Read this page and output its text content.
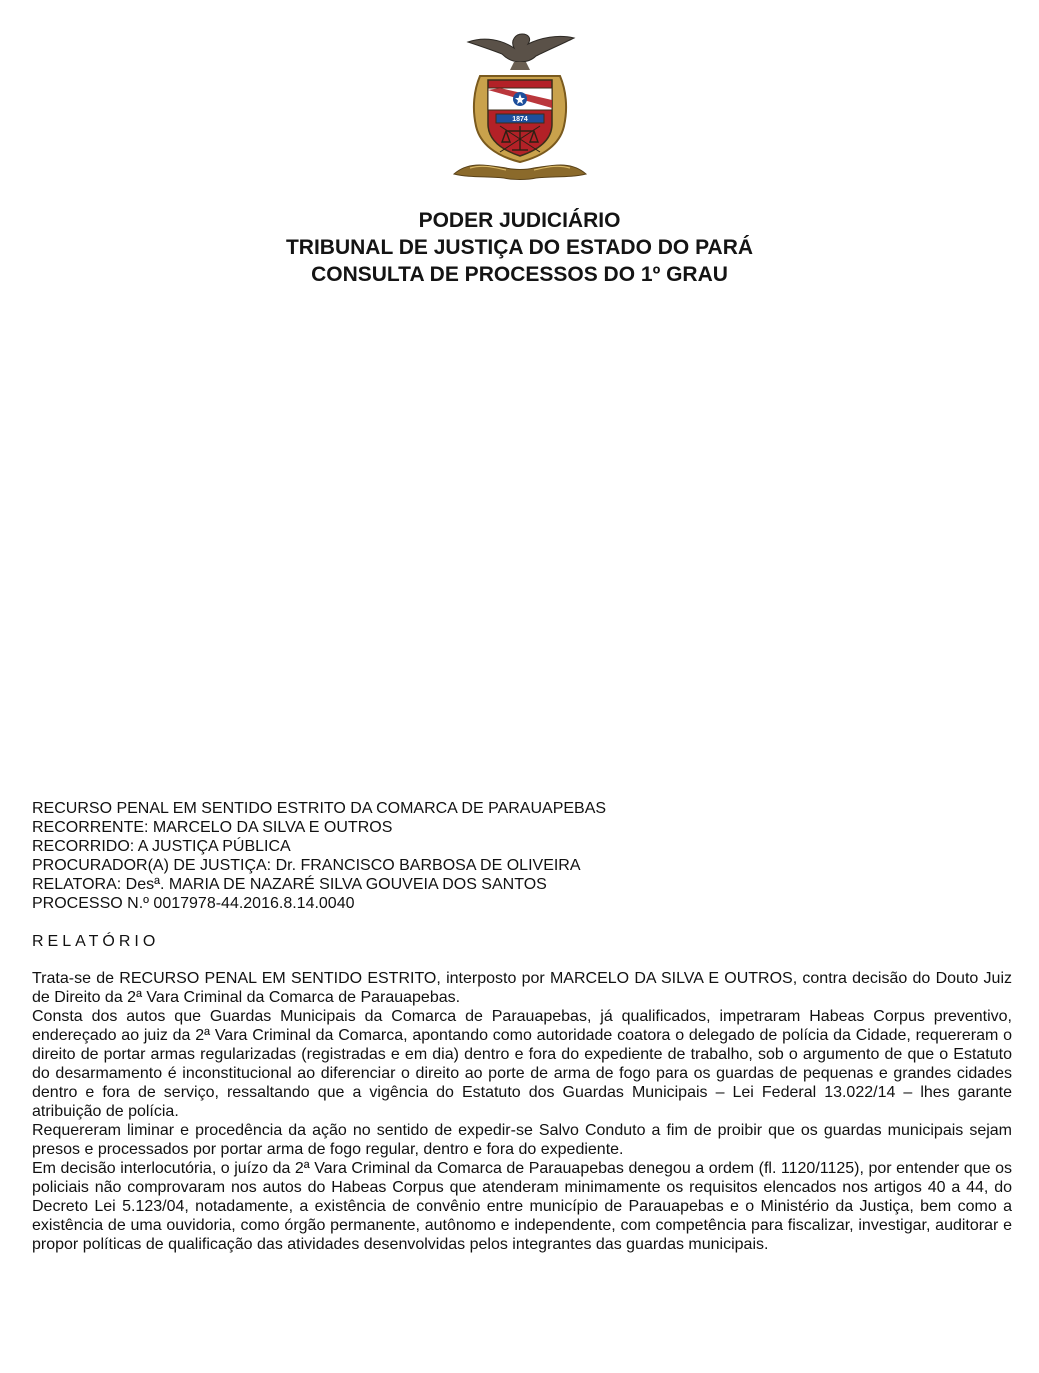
1874
PODER JUDICIÁRIO
TRIBUNAL DE JUSTIÇA DO ESTADO DO PARÁ
CONSULTA DE PROCESSOS DO 1º GRAU
RECURSO PENAL EM SENTIDO ESTRITO DA COMARCA DE PARAUAPEBAS
RECORRENTE: MARCELO DA SILVA E OUTROS
RECORRIDO: A JUSTIÇA PÚBLICA
PROCURADOR(A) DE JUSTIÇA: Dr. FRANCISCO BARBOSA DE OLIVEIRA
RELATORA: Desª. MARIA DE NAZARÉ SILVA GOUVEIA DOS SANTOS
PROCESSO N.º 0017978-44.2016.8.14.0040
RELATÓRIO

Trata-se de RECURSO PENAL EM SENTIDO ESTRITO, interposto por MARCELO DA SILVA E OUTROS, contra decisão do Douto Juiz de Direito da 2ª Vara Criminal da Comarca de Parauapebas.

Consta dos autos que Guardas Municipais da Comarca de Parauapebas, já qualificados, impetraram Habeas Corpus preventivo, endereçado ao juiz da 2ª Vara Criminal da Comarca, apontando como autoridade coatora o delegado de polícia da Cidade, requereram o direito de portar armas regularizadas (registradas e em dia) dentro e fora do expediente de trabalho, sob o argumento de que o Estatuto do desarmamento é inconstitucional ao diferenciar o direito ao porte de arma de fogo para os guardas de pequenas e grandes cidades dentro e fora de serviço, ressaltando que a vigência do Estatuto dos Guardas Municipais – Lei Federal 13.022/14 – lhes garante atribuição de polícia.

Requereram liminar e procedência da ação no sentido de expedir-se Salvo Conduto a fim de proibir que os guardas municipais sejam presos e processados por portar arma de fogo regular, dentro e fora do expediente.

Em decisão interlocutória, o juízo da 2ª Vara Criminal da Comarca de Parauapebas denegou a ordem (fl. 1120/1125), por entender que os policiais não comprovaram nos autos do Habeas Corpus que atenderam minimamente os requisitos elencados nos artigos 40 a 44, do Decreto Lei 5.123/04, notadamente, a existência de convênio entre município de Parauapebas e o Ministério da Justiça, bem como a existência de uma ouvidoria, como órgão permanente, autônomo e independente, com competência para fiscalizar, investigar, auditorar e propor políticas de qualificação das atividades desenvolvidas pelos integrantes das guardas municipais.
